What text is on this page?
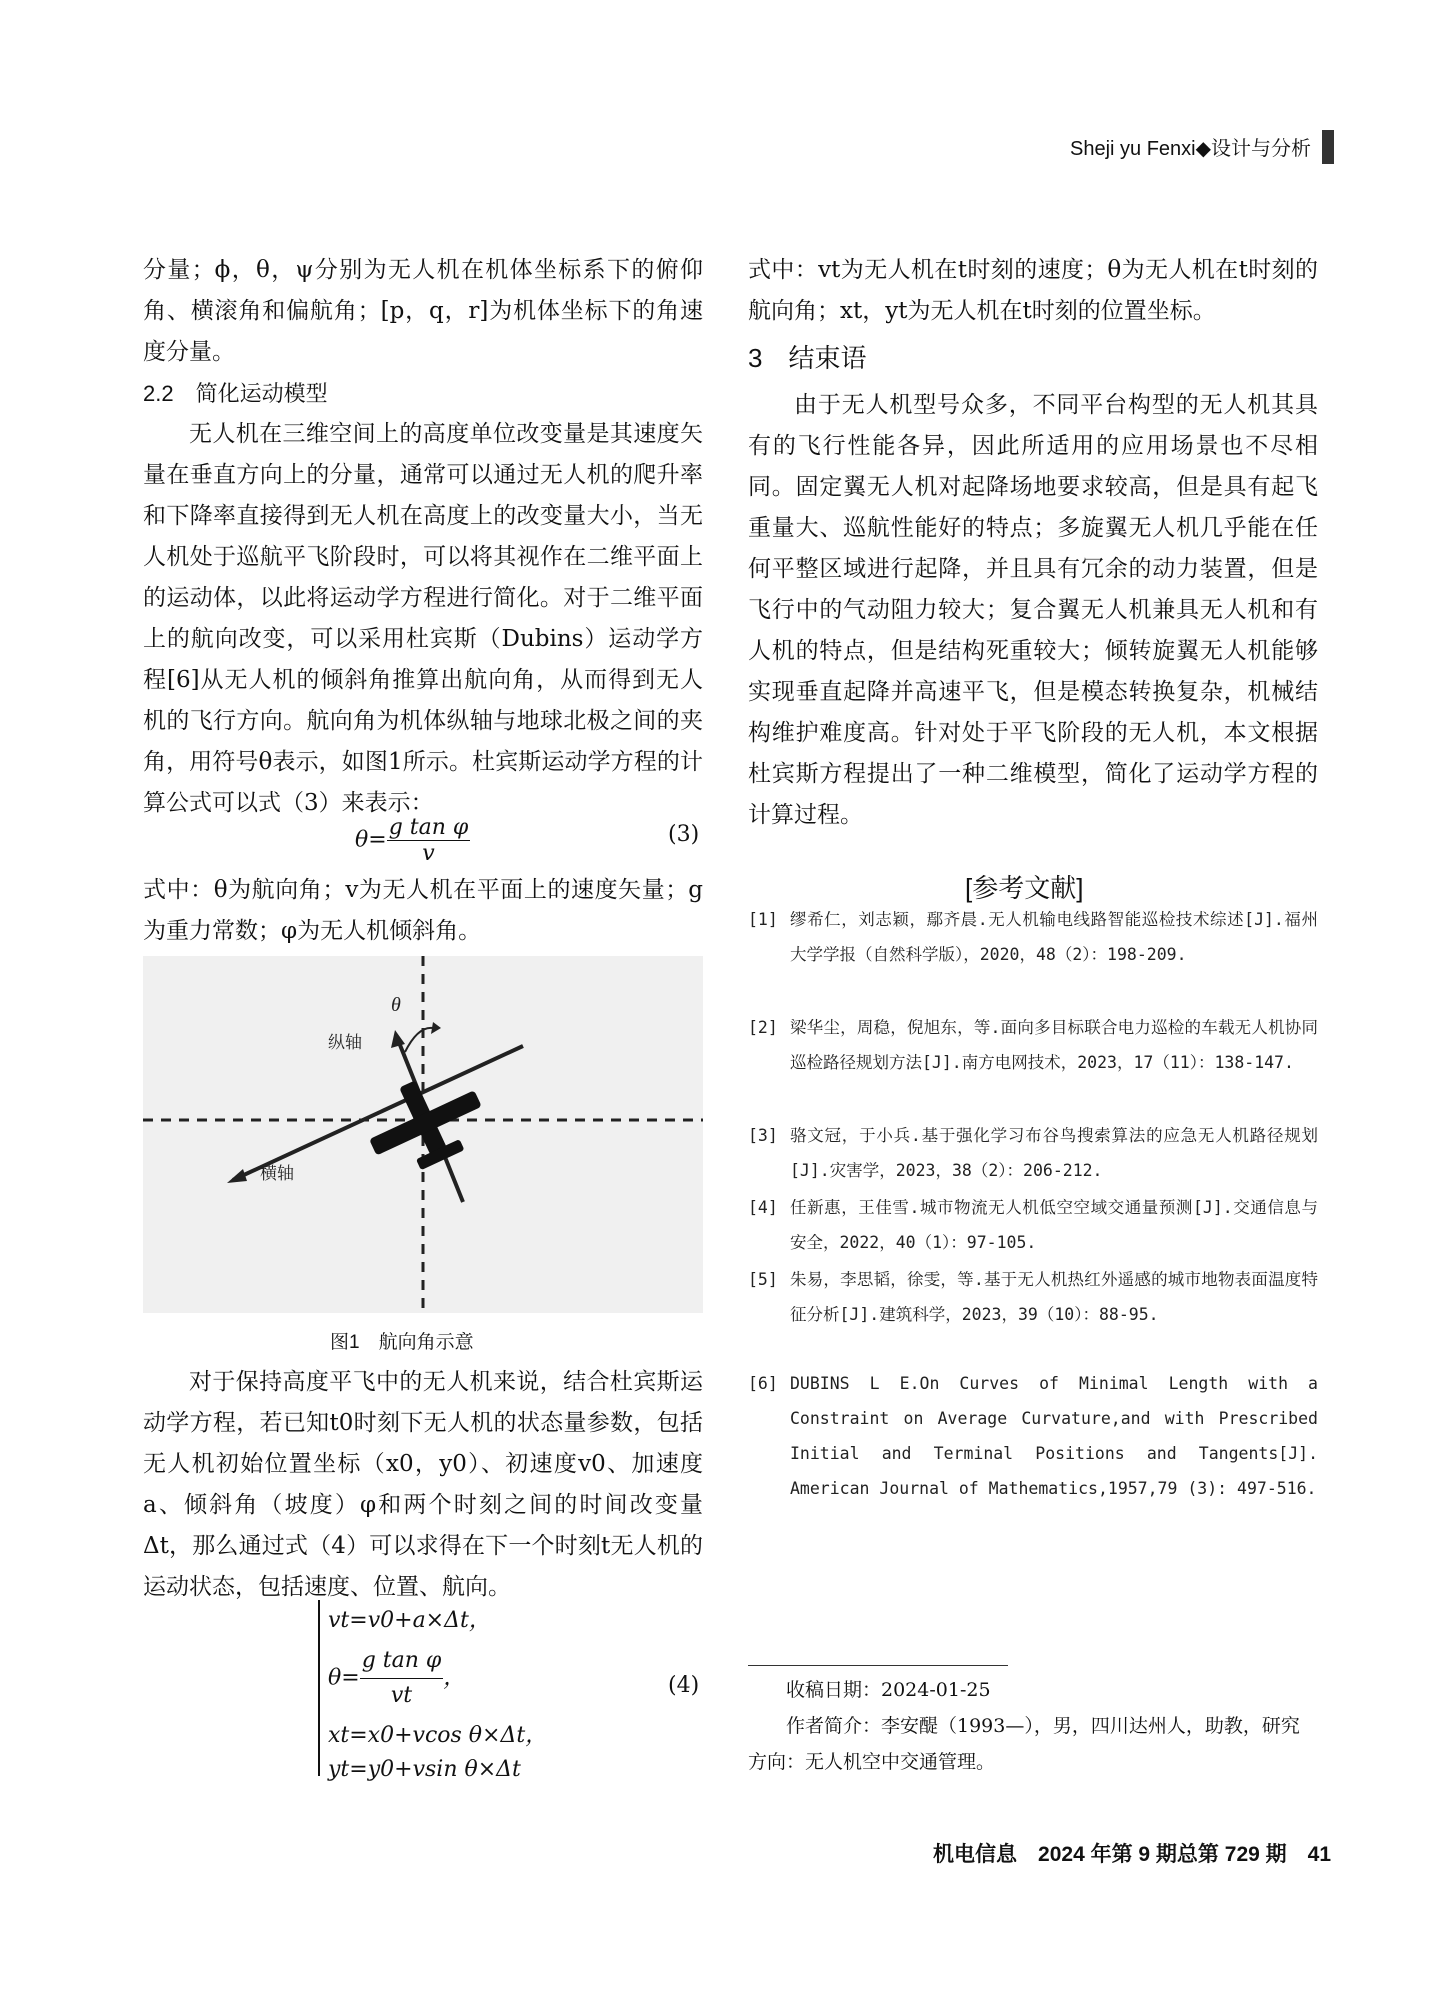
Sheji yu Fenxi◆设计与分析

分量；ϕ，θ，ψ分别为无人机在机体坐标系下的俯仰角、横滚角和偏航角；[p，q，r]为机体坐标下的角速度分量。

2.2　简化运动模型

无人机在三维空间上的高度单位改变量是其速度矢量在垂直方向上的分量，通常可以通过无人机的爬升率和下降率直接得到无人机在高度上的改变量大小，当无人机处于巡航平飞阶段时，可以将其视作在二维平面上的运动体，以此将运动学方程进行简化。对于二维平面上的航向改变，可以采用杜宾斯（Dubins）运动学方程[6]从无人机的倾斜角推算出航向角，从而得到无人机的飞行方向。航向角为机体纵轴与地球北极之间的夹角，用符号θ表示，如图1所示。杜宾斯运动学方程的计算公式可以式（3）来表示：

$\theta= \frac{\text{g tan φ}}{v}$	(3)

式中：θ为航向角；v为无人机在平面上的速度矢量；g为重力常数；φ为无人机倾斜角。

θ
纵轴
横轴
图1　航向角示意

对于保持高度平飞中的无人机来说，结合杜宾斯运动学方程，若已知t0时刻下无人机的状态量参数，包括无人机初始位置坐标（x0，y0）、初速度v0、加速度a、倾斜角（坡度）φ和两个时刻之间的时间改变量Δt，那么通过式（4）可以求得在下一个时刻t无人机的运动状态，包括速度、位置、航向。

vt=v0+a×Δt，
$\theta= \frac{\text{g tan φ}}{vt}$ ，
xt=x0+vcos θ×Δt，
yt=y0+vsin θ×Δt
(4)

式中：vt为无人机在t时刻的速度；θ为无人机在t时刻的航向角；xt，yt为无人机在t时刻的位置坐标。

3　结束语

由于无人机型号众多，不同平台构型的无人机其具有的飞行性能各异，因此所适用的应用场景也不尽相同。固定翼无人机对起降场地要求较高，但是具有起飞重量大、巡航性能好的特点；多旋翼无人机几乎能在任何平整区域进行起降，并且具有冗余的动力装置，但是飞行中的气动阻力较大；复合翼无人机兼具无人机和有人机的特点，但是结构死重较大；倾转旋翼无人机能够实现垂直起降并高速平飞，但是模态转换复杂，机械结构维护难度高。针对处于平飞阶段的无人机，本文根据杜宾斯方程提出了一种二维模型，简化了运动学方程的计算过程。

[参考文献]
[1] 缪希仁，刘志颖，鄢齐晨.无人机输电线路智能巡检技术综述[J].福州大学学报（自然科学版），2020，48（2）：198-209.
[2] 梁华尘，周稳，倪旭东，等.面向多目标联合电力巡检的车载无人机协同巡检路径规划方法[J].南方电网技术，2023，17（11）：138-147.
[3] 骆文冠，于小兵.基于强化学习布谷鸟搜索算法的应急无人机路径规划[J].灾害学，2023，38（2）：206-212.
[4] 任新惠，王佳雪.城市物流无人机低空空域交通量预测[J].交通信息与安全，2022，40（1）：97-105.
[5] 朱易，李思韬，徐雯，等.基于无人机热红外遥感的城市地物表面温度特征分析[J].建筑科学，2023，39（10）：88-95.
[6] DUBINS L E.On Curves of Minimal Length with a Constraint on Average Curvature,and with Prescribed Initial and Terminal Positions and Tangents[J]. American Journal of Mathematics,1957,79 (3): 497-516.
收稿日期：2024-01-25
作者简介：李安醍（1993—），男，四川达州人，助教，研究方向：无人机空中交通管理。
机电信息　2024 年第 9 期总第 729 期　41
